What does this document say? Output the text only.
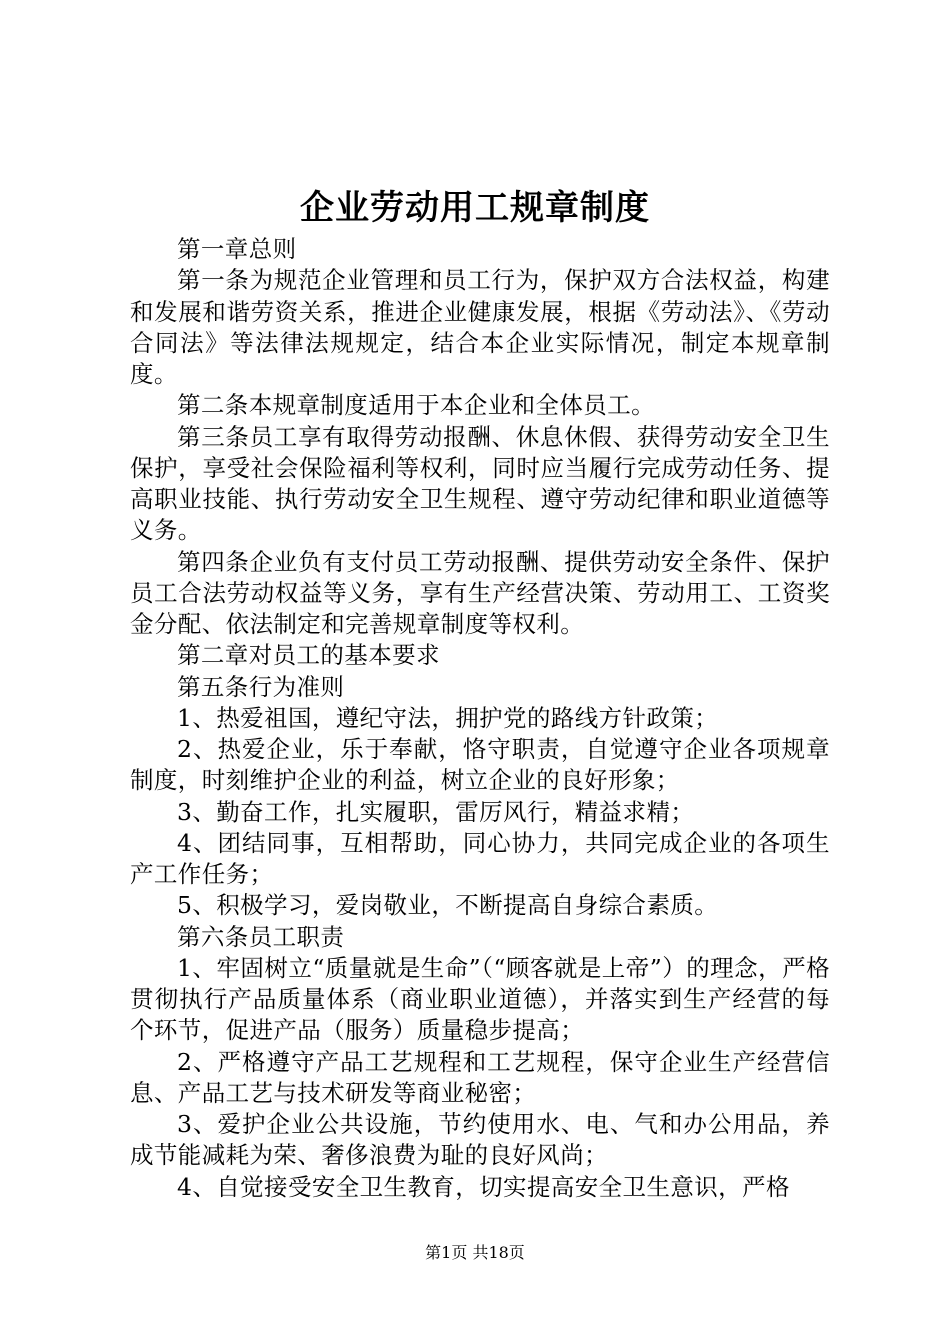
企业劳动用工规章制度

第一章总则

第一条为规范企业管理和员工行为，保护双方合法权益，构建和发展和谐劳资关系，推进企业健康发展，根据《劳动法》、《劳动合同法》等法律法规规定，结合本企业实际情况，制定本规章制度。

第二条本规章制度适用于本企业和全体员工。

第三条员工享有取得劳动报酬、休息休假、获得劳动安全卫生保护，享受社会保险福利等权利，同时应当履行完成劳动任务、提高职业技能、执行劳动安全卫生规程、遵守劳动纪律和职业道德等义务。

第四条企业负有支付员工劳动报酬、提供劳动安全条件、保护员工合法劳动权益等义务，享有生产经营决策、劳动用工、工资奖金分配、依法制定和完善规章制度等权利。

第二章对员工的基本要求

第五条行为准则

1、热爱祖国，遵纪守法，拥护党的路线方针政策；

2、热爱企业，乐于奉献，恪守职责，自觉遵守企业各项规章制度，时刻维护企业的利益，树立企业的良好形象；

3、勤奋工作，扎实履职，雷厉风行，精益求精；

4、团结同事，互相帮助，同心协力，共同完成企业的各项生产工作任务；

5、积极学习，爱岗敬业，不断提高自身综合素质。

第六条员工职责

1、牢固树立“质量就是生命”（“顾客就是上帝”）的理念，严格贯彻执行产品质量体系（商业职业道德），并落实到生产经营的每个环节，促进产品（服务）质量稳步提高；

2、严格遵守产品工艺规程和工艺规程，保守企业生产经营信息、产品工艺与技术研发等商业秘密；

3、爱护企业公共设施，节约使用水、电、气和办公用品，养成节能减耗为荣、奢侈浪费为耻的良好风尚；

4、自觉接受安全卫生教育，切实提高安全卫生意识，严格

第1页 共18页
